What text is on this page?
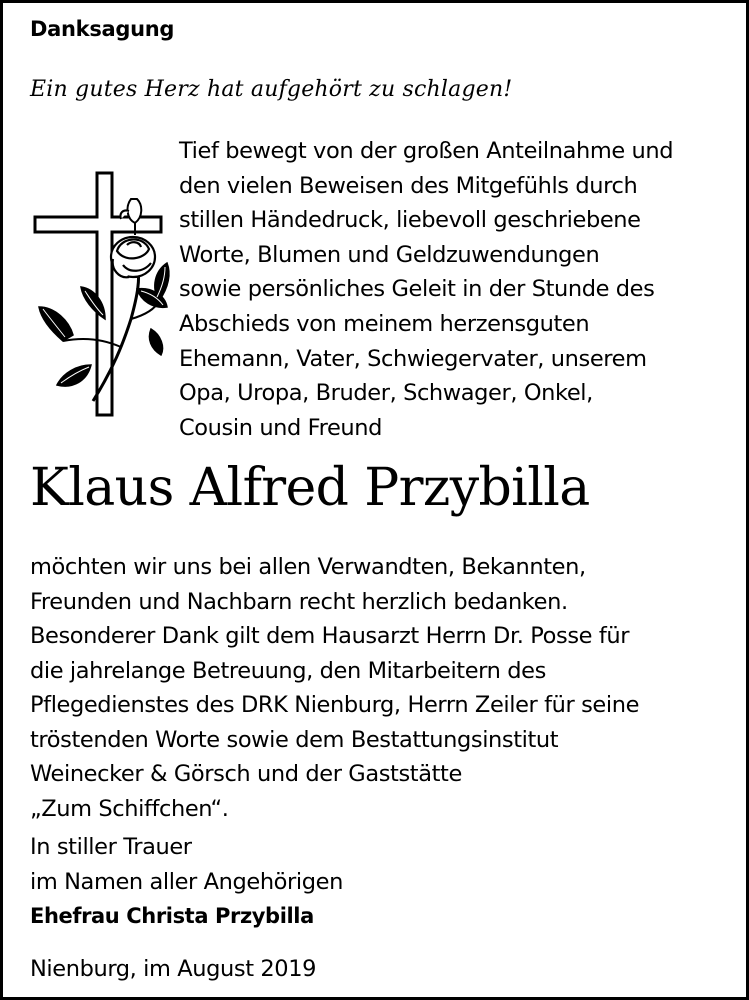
Danksagung
Ein gutes Herz hat aufgehört zu schlagen!
Tief bewegt von der großen Anteilnahme und
den vielen Beweisen des Mitgefühls durch
stillen Händedruck, liebevoll geschriebene
Worte, Blumen und Geldzuwendungen
sowie persönliches Geleit in der Stunde des
Abschieds von meinem herzensguten
Ehemann, Vater, Schwiegervater, unserem
Opa, Uropa, Bruder, Schwager, Onkel,
Cousin und Freund
Klaus Alfred Przybilla
möchten wir uns bei allen Verwandten, Bekannten,
Freunden und Nachbarn recht herzlich bedanken.
Besonderer Dank gilt dem Hausarzt Herrn Dr. Posse für
die jahrelange Betreuung, den Mitarbeitern des
Pflegedienstes des DRK Nienburg, Herrn Zeiler für seine
tröstenden Worte sowie dem Bestattungsinstitut
Weinecker & Görsch und der Gaststätte
„Zum Schiffchen“.
In stiller Trauer
im Namen aller Angehörigen
Ehefrau Christa Przybilla
Nienburg, im August 2019
